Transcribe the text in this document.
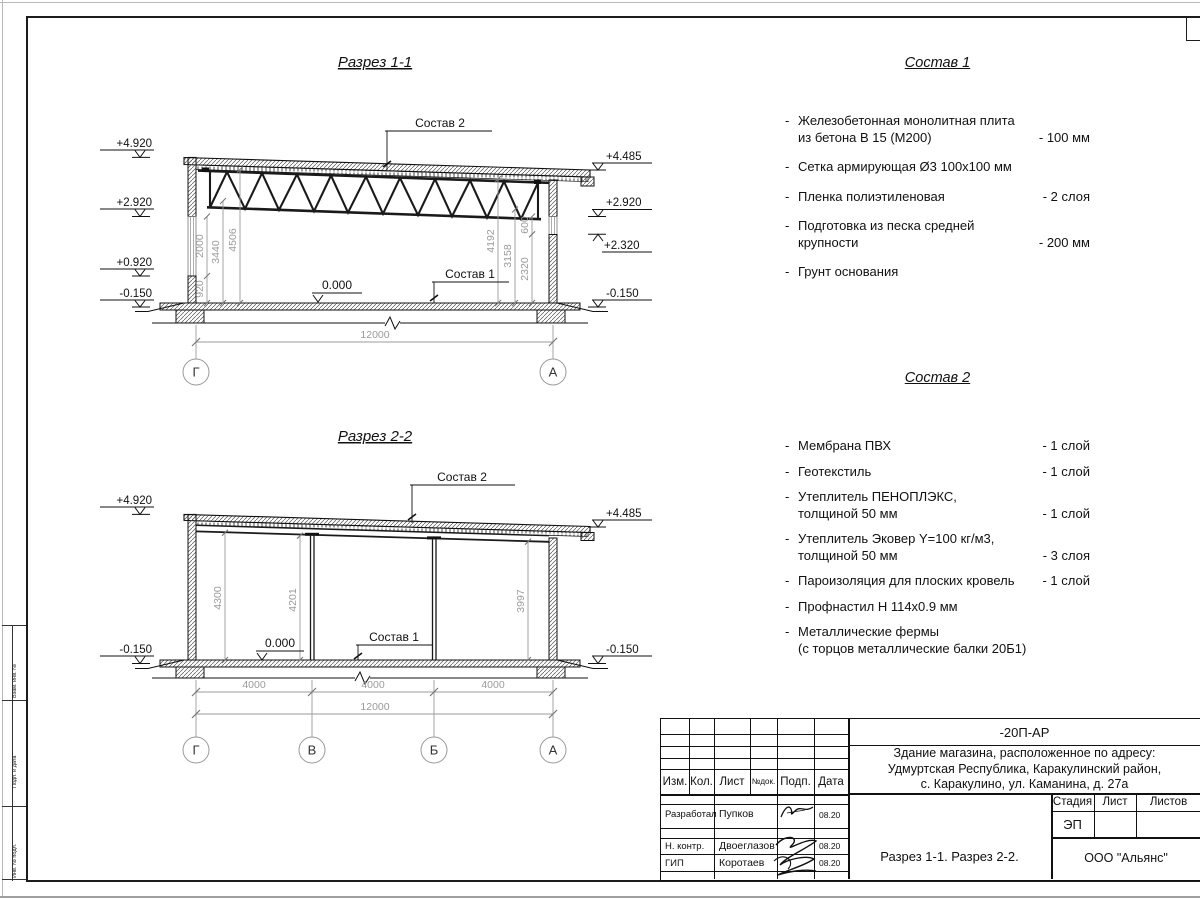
Взам. инв. №
Подп. и дата
Инв. № подл.
Разрез 1-1
+4.920
+2.920
+0.920
-0.150
+4.485
+2.920
+2.320
-0.150
920
2000 3440
4506	4192
3158
2320
600
Состав 2
Состав 1
0.000
12000
Г	А
Разрез 2-2
+4.920
-0.150
+4.485
-0.150
4300	4201	3997
Состав 2
Состав 1
0.000
4000	4000	4000
12000
Г	В	Б	А
Состав 1
- Железобетонная монолитная плита
из бетона В 15 (М200)	- 100 мм
- Сетка армирующая Ø3 100х100 мм
- Пленка полиэтиленовая	- 2 слоя
- Подготовка из песка средней
крупности	- 200 мм
- Грунт основания
Состав 2
- Мембрана ПВХ	- 1 слой
- Геотекстиль	- 1 слой
- Утеплитель ПЕНОПЛЭКС,
толщиной 50 мм	- 1 слой
- Утеплитель Эковер Y=100 кг/м3,
толщиной 50 мм	- 3 слоя
- Пароизоляция для плоских кровель	- 1 слой
- Профнастил Н 114х0.9 мм
- Металлические фермы
(с торцов металлические балки 20Б1)
Изм. Кол. Лист №док. Подп. Дата
Разработал Пупков	08.20
Н. контр. Двоеглазов	08.20
ГИП	Коротаев	08.20
-20П-АР
Здание магазина, расположенное по адресу:
Удмуртская Республика, Каракулинский район,
с. Каракулино, ул. Каманина, д. 27а
Стадия Лист	Листов
ЭП
Разрез 1-1. Разрез 2-2.	ООО "Альянс"
